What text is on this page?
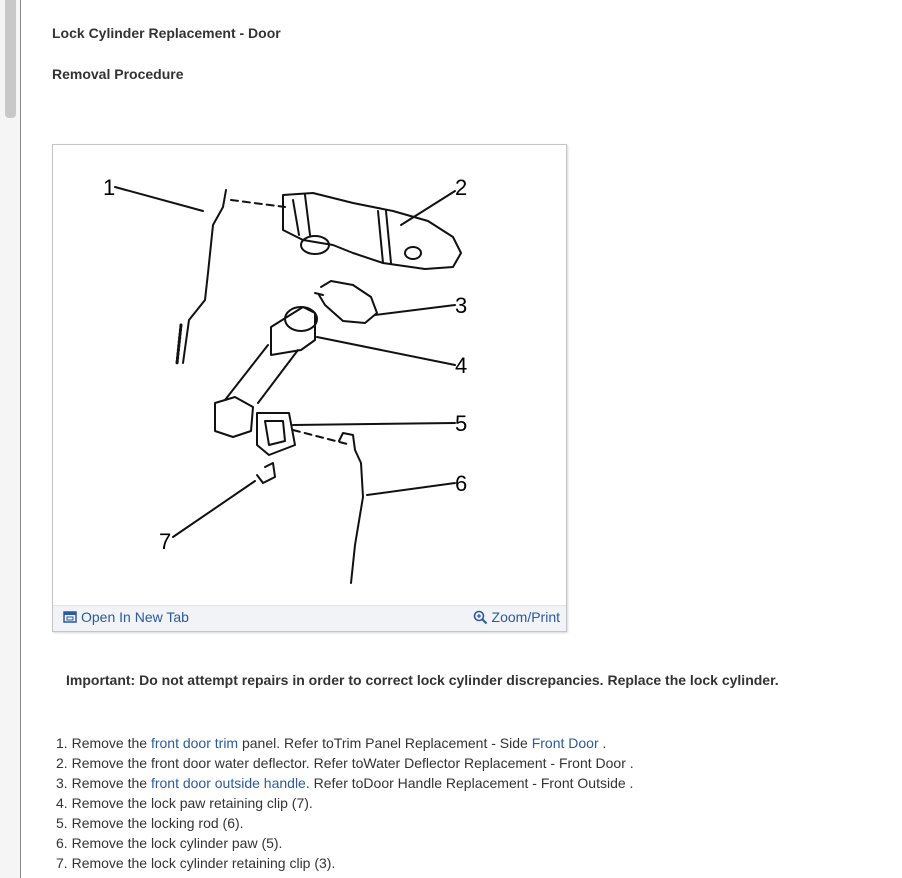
Lock Cylinder Replacement - Door
Removal Procedure
1	2
3
4
5
6
7
Open In New Tab	Zoom/Print
Important: Do not attempt repairs in order to correct lock cylinder discrepancies. Replace the lock cylinder.
1. Remove the front door trim panel. Refer toTrim Panel Replacement - Side Front Door .
2. Remove the front door water deflector. Refer toWater Deflector Replacement - Front Door .
3. Remove the front door outside handle. Refer toDoor Handle Replacement - Front Outside .
4. Remove the lock paw retaining clip (7).
5. Remove the locking rod (6).
6. Remove the lock cylinder paw (5).
7. Remove the lock cylinder retaining clip (3).
